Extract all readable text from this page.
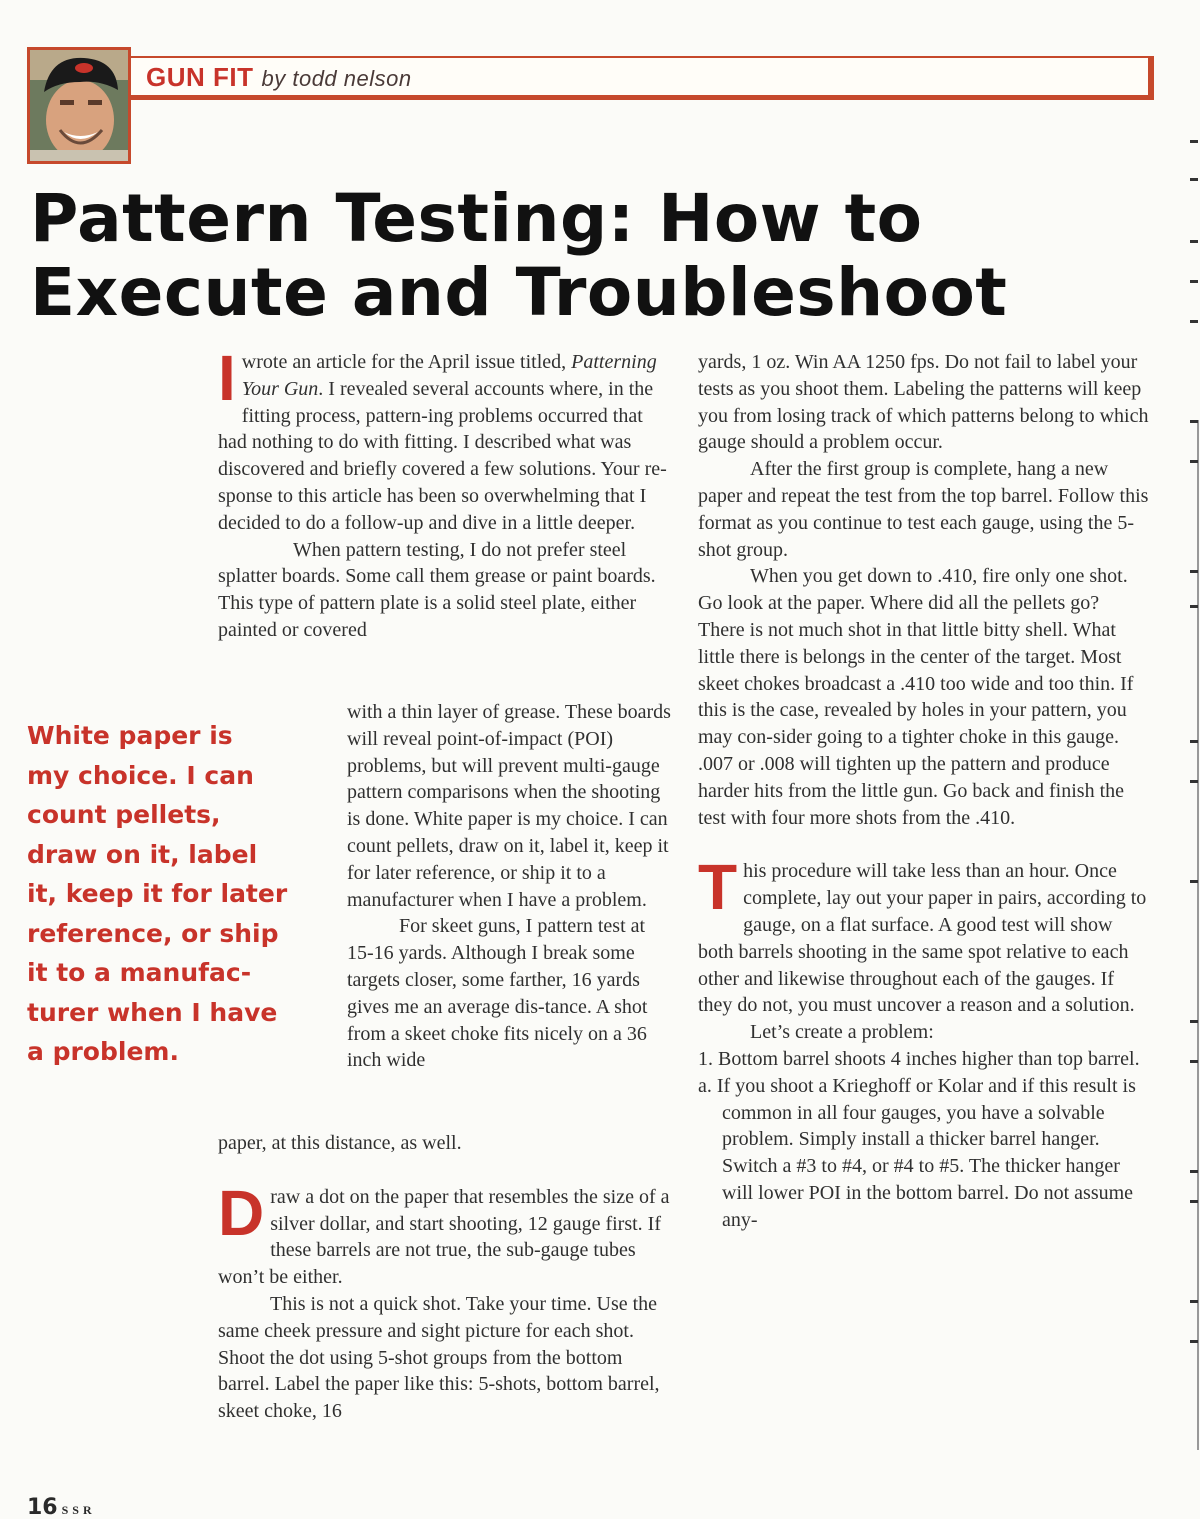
GUN FIT by todd nelson
Pattern Testing: How to
Execute and Troubleshoot
White paper is
my choice. I can
count pellets,
draw on it, label
it, keep it for later
reference, or ship
it to a manufac-
turer when I have
a problem.

Iwrote an article for the April issue titled, Patterning Your Gun. I revealed several accounts where, in the fitting process, pattern-ing problems occurred that had nothing to do with fitting. I described what was discovered and briefly covered a few solutions. Your re-sponse to this article has been so overwhelming that I decided to do a follow-up and dive in a little deeper.

When pattern testing, I do not prefer steel splatter boards. Some call them grease or paint boards. This type of pattern plate is a solid steel plate, either painted or covered

with a thin layer of grease. These boards will reveal point-of-impact (POI) problems, but will prevent multi-gauge pattern comparisons when the shooting is done. White paper is my choice. I can count pellets, draw on it, label it, keep it for later reference, or ship it to a manufacturer when I have a problem.

For skeet guns, I pattern test at 15-16 yards. Although I break some targets closer, some farther, 16 yards gives me an average dis-tance. A shot from a skeet choke fits nicely on a 36 inch wide

paper, at this distance, as well.

Draw a dot on the paper that resembles the size of a silver dollar, and start shooting, 12 gauge first. If these barrels are not true, the sub-gauge tubes won’t be either.

This is not a quick shot. Take your time. Use the same cheek pressure and sight picture for each shot. Shoot the dot using 5-shot groups from the bottom barrel. Label the paper like this: 5-shots, bottom barrel, skeet choke, 16

yards, 1 oz. Win AA 1250 fps. Do not fail to label your tests as you shoot them. Labeling the patterns will keep you from losing track of which patterns belong to which gauge should a problem occur.

After the first group is complete, hang a new paper and repeat the test from the top barrel. Follow this format as you continue to test each gauge, using the 5-shot group.

When you get down to .410, fire only one shot. Go look at the paper. Where did all the pellets go? There is not much shot in that little bitty shell. What little there is belongs in the center of the target. Most skeet chokes broadcast a .410 too wide and too thin. If this is the case, revealed by holes in your pattern, you may con-sider going to a tighter choke in this gauge. .007 or .008 will tighten up the pattern and produce harder hits from the little gun. Go back and finish the test with four more shots from the .410.

This procedure will take less than an hour. Once complete, lay out your paper in pairs, according to gauge, on a flat surface. A good test will show both barrels shooting in the same spot relative to each other and likewise throughout each of the gauges. If they do not, you must uncover a reason and a solution.

Let’s create a problem:

1. Bottom barrel shoots 4 inches higher than top barrel.

a. If you shoot a Krieghoff or Kolar and if this result is common in all four gauges, you have a solvable problem. Simply install a thicker barrel hanger. Switch a #3 to #4, or #4 to #5. The thicker hanger will lower POI in the bottom barrel. Do not assume any-

16 SSR
